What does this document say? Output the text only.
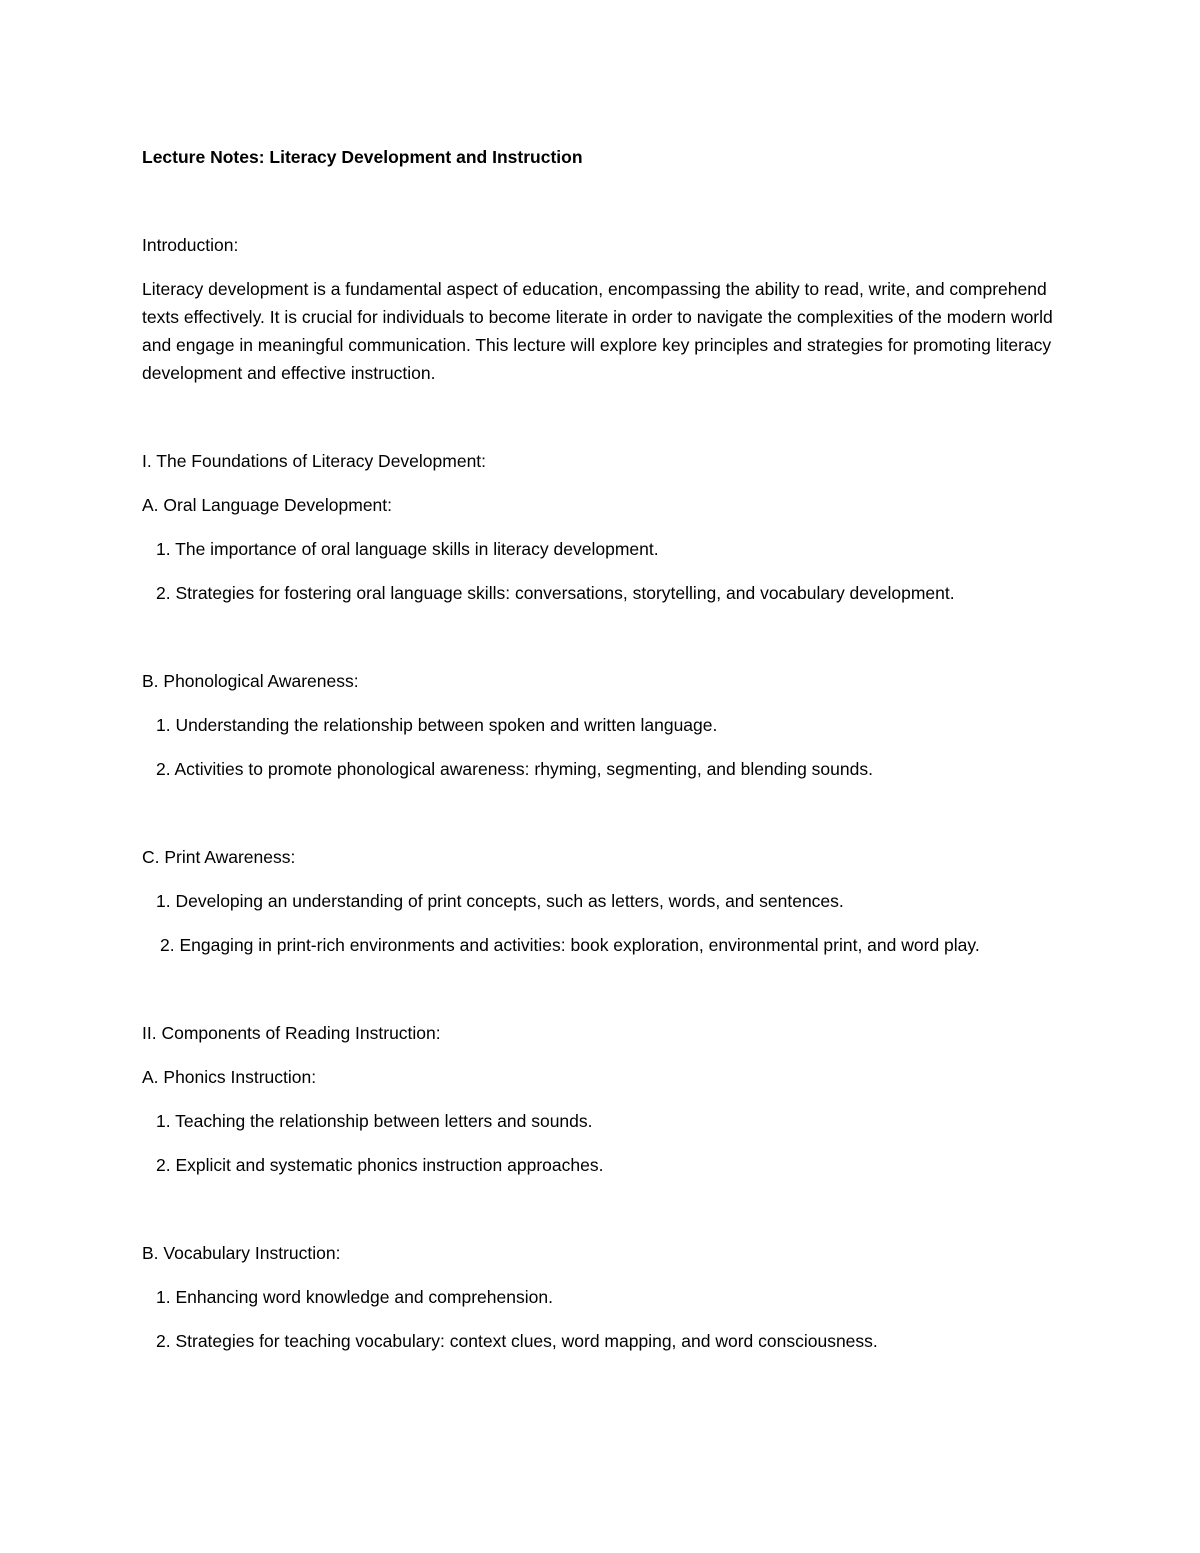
Lecture Notes: Literacy Development and Instruction
Introduction:
Literacy development is a fundamental aspect of education, encompassing the ability to read, write, and comprehend texts effectively. It is crucial for individuals to become literate in order to navigate the complexities of the modern world and engage in meaningful communication. This lecture will explore key principles and strategies for promoting literacy development and effective instruction.
I. The Foundations of Literacy Development:
A. Oral Language Development:
1. The importance of oral language skills in literacy development.
2. Strategies for fostering oral language skills: conversations, storytelling, and vocabulary development.
B. Phonological Awareness:
1. Understanding the relationship between spoken and written language.
2. Activities to promote phonological awareness: rhyming, segmenting, and blending sounds.
C. Print Awareness:
1. Developing an understanding of print concepts, such as letters, words, and sentences.
2. Engaging in print-rich environments and activities: book exploration, environmental print, and word play.
II. Components of Reading Instruction:
A. Phonics Instruction:
1. Teaching the relationship between letters and sounds.
2. Explicit and systematic phonics instruction approaches.
B. Vocabulary Instruction:
1. Enhancing word knowledge and comprehension.
2. Strategies for teaching vocabulary: context clues, word mapping, and word consciousness.
